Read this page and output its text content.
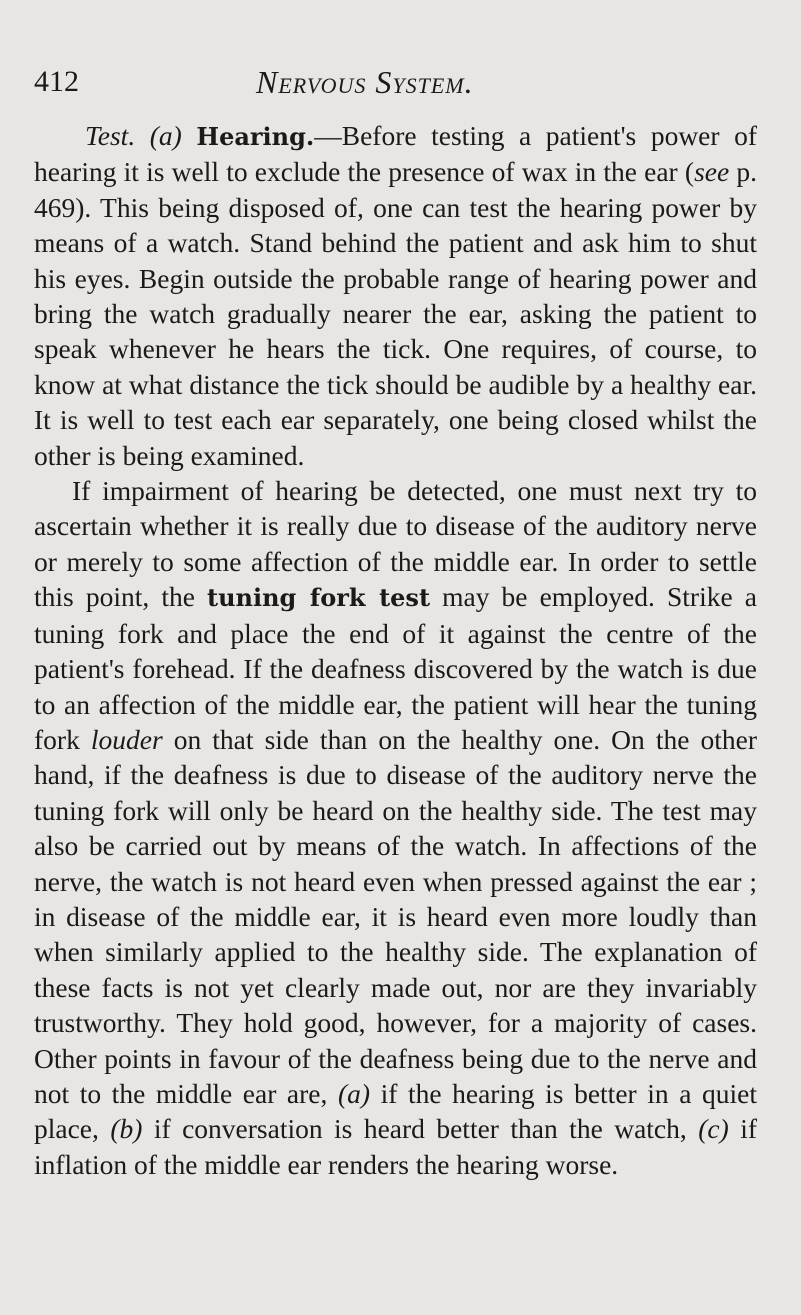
412	Nervous System.

Test. (a) Hearing.—Before testing a patient's power of hearing it is well to exclude the presence of wax in the ear (see p. 469). This being disposed of, one can test the hearing power by means of a watch. Stand behind the patient and ask him to shut his eyes. Begin outside the probable range of hearing power and bring the watch gradually nearer the ear, asking the patient to speak whenever he hears the tick. One requires, of course, to know at what distance the tick should be audible by a healthy ear. It is well to test each ear separately, one being closed whilst the other is being examined.

If impairment of hearing be detected, one must next try to ascertain whether it is really due to disease of the auditory nerve or merely to some affection of the middle ear. In order to settle this point, the tuning fork test may be employed. Strike a tuning fork and place the end of it against the centre of the patient's forehead. If the deafness discovered by the watch is due to an affection of the middle ear, the patient will hear the tuning fork louder on that side than on the healthy one. On the other hand, if the deafness is due to disease of the auditory nerve the tuning fork will only be heard on the healthy side. The test may also be carried out by means of the watch. In affections of the nerve, the watch is not heard even when pressed against the ear ; in disease of the middle ear, it is heard even more loudly than when similarly applied to the healthy side. The explanation of these facts is not yet clearly made out, nor are they invariably trustworthy. They hold good, however, for a majority of cases. Other points in favour of the deafness being due to the nerve and not to the middle ear are, (a) if the hearing is better in a quiet place, (b) if conversation is heard better than the watch, (c) if inflation of the middle ear renders the hearing worse.
